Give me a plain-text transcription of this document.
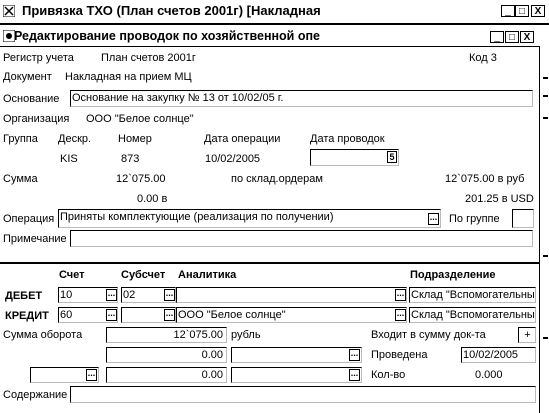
Привязка ТХО (План счетов 2001г) [Накладная	_ □ X
Редактирование проводок по хозяйственной опе	_ □ X
Регистр учета План счетов 2001г	Код 3
Документ Накладная на прием МЦ
Основание Основание на закупку № 13 от 10/02/05 г.
Организация ООО "Белое солнце"
Группа Дескр. Номер	Дата операции	Дата проводок
KIS	873	10/02/2005	5
Сумма	12`075.00	по склад.ордерам	12`075.00 в руб
0.00 в	201.25 в USD
Операция Приняты комплектующие (реализация по получении)	... По группе
Примечание
Счет	Субсчет Аналитика	Подразделение
ДЕБЕТ 10	... 02	...	... Склад "Вспомогательны
КРЕДИТ 60	...	... ООО "Белое солнце"	... Склад "Вспомогательны
Сумма оборота	12`075.00 рубль	Входит в сумму док-та	+
0.00	... Проведена	10/02/2005
...	0.00	... Кол-во	0.000
Содержание
